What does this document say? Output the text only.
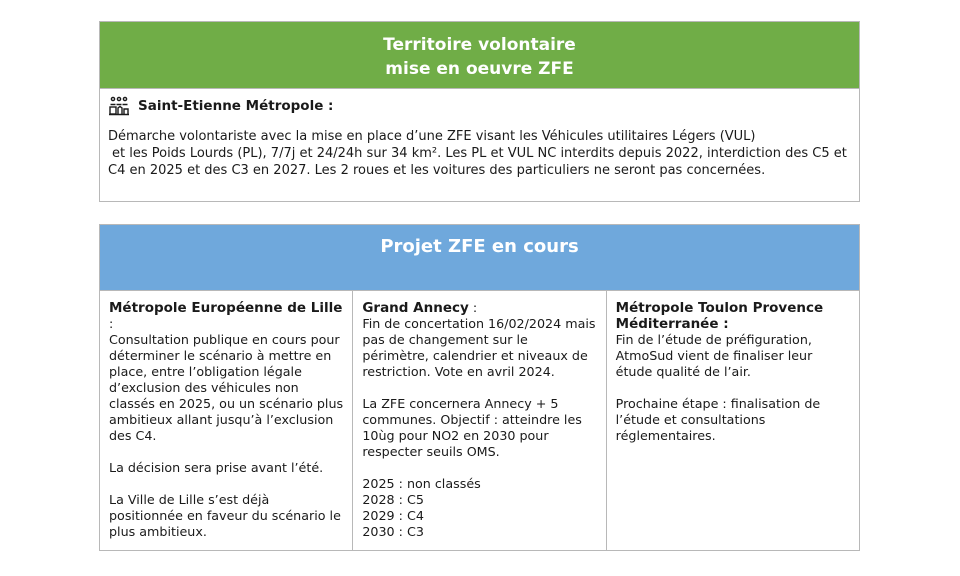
Territoire volontaire
mise en oeuvre ZFE
Saint-Etienne Métropole :
Démarche volontariste avec la mise en place d’une ZFE visant les Véhicules utilitaires Légers (VUL)
et les Poids Lourds (PL), 7/7j et 24/24h sur 34 km². Les PL et VUL NC interdits depuis 2022, interdiction des C5 et
C4 en 2025 et des C3 en 2027. Les 2 roues et les voitures des particuliers ne seront pas concernées.
Projet ZFE en cours
Métropole Européenne de Lille :

Consultation publique en cours pour déterminer le scénario à mettre en place, entre l’obligation légale d’exclusion des véhicules non classés en 2025, ou un scénario plus ambitieux allant jusqu’à l’exclusion des C4.

La décision sera prise avant l’été.

La Ville de Lille s’est déjà positionnée en faveur du scénario le plus ambitieux.

Grand Annecy :

Fin de concertation 16/02/2024 mais pas de changement sur le périmètre, calendrier et niveaux de restriction. Vote en avril 2024.

La ZFE concernera Annecy + 5 communes. Objectif : atteindre les 10ùg pour NO2 en 2030 pour respecter seuils OMS.

2025 : non classés
2028 : C5
2029 : C4
2030 : C3
Métropole Toulon Provence Méditerranée :

Fin de l’étude de préfiguration, AtmoSud vient de finaliser leur étude qualité de l’air.

Prochaine étape : finalisation de l’étude et consultations réglementaires.
